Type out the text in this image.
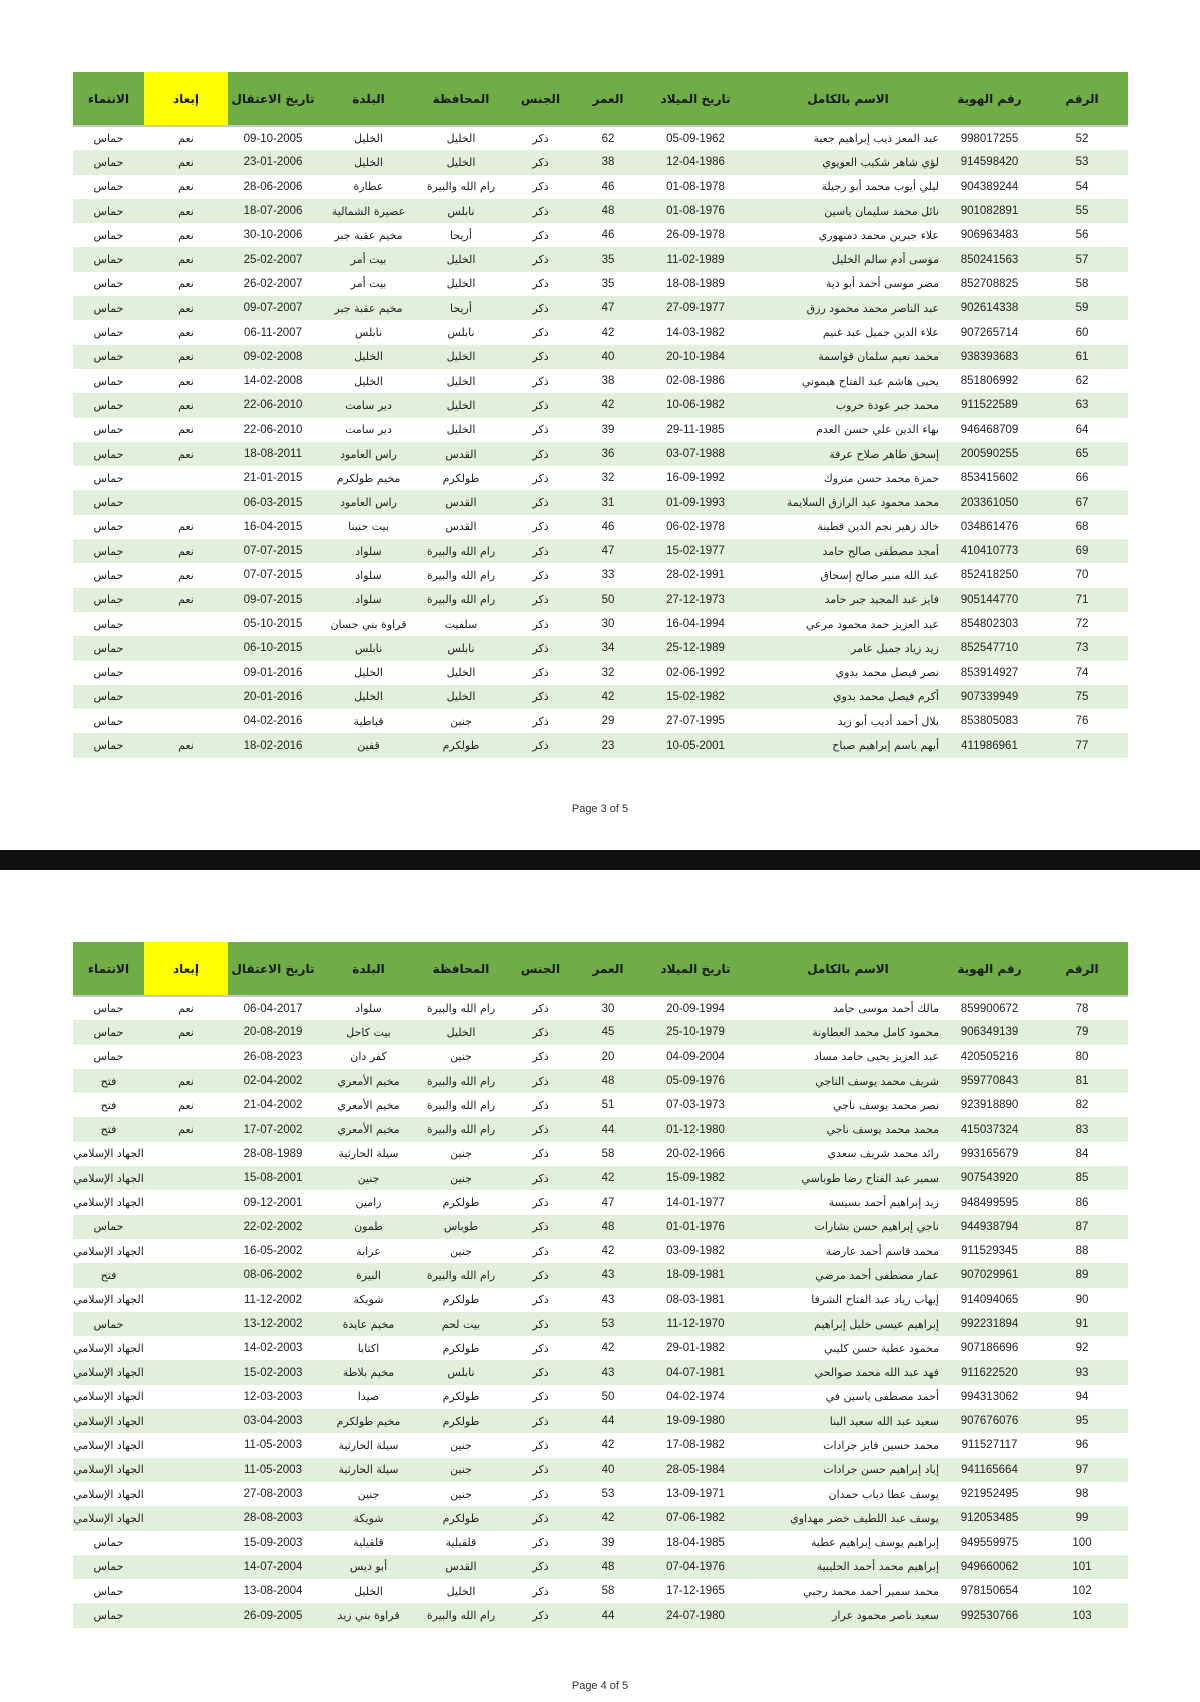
الرقم	رقم الهوية	الاسم بالكامل	تاريخ الميلاد	العمر	الجنس	المحافظة	البلدة	تاريخ الاعتقال	إبعاد	الانتماء
52	998017255	عبد المعز ذيب إبراهيم جعبة	05-09-1962	62	ذكر	الخليل	الخليل	09-10-2005	نعم	حماس
53	914598420	لؤي شاهر شكيب العويوي	12-04-1986	38	ذكر	الخليل	الخليل	23-01-2006	نعم	حماس
54	904389244	ليلي أيوب محمد أبو رجيلة	01-08-1978	46	ذكر	رام الله والبيرة	عطارة	28-06-2006	نعم	حماس
55	901082891	نائل محمد سليمان ياسين	01-08-1976	48	ذكر	نابلس	عصيرة الشمالية	18-07-2006	نعم	حماس
56	906963483	علاء جبرين محمد دمنهوري	26-09-1978	46	ذكر	أريحا	مخيم عقبة جبر	30-10-2006	نعم	حماس
57	850241563	موسى أدم سالم الخليل	11-02-1989	35	ذكر	الخليل	بيت أمر	25-02-2007	نعم	حماس
58	852708825	مضر موسى أحمد أبو دية	18-08-1989	35	ذكر	الخليل	بيت أمر	26-02-2007	نعم	حماس
59	902614338	عبد الناصر محمد محمود رزق	27-09-1977	47	ذكر	أريحا	مخيم عقبة جبر	09-07-2007	نعم	حماس
60	907265714	علاء الدين جميل عبد غنيم	14-03-1982	42	ذكر	نابلس	نابلس	06-11-2007	نعم	حماس
61	938393683	محمد نعيم سلمان قواسمة	20-10-1984	40	ذكر	الخليل	الخليل	09-02-2008	نعم	حماس
62	851806992	يحيى هاشم عبد الفتاح هيموني	02-08-1986	38	ذكر	الخليل	الخليل	14-02-2008	نعم	حماس
63	911522589	محمد جبر عودة حروب	10-06-1982	42	ذكر	الخليل	دير سامت	22-06-2010	نعم	حماس
64	946468709	بهاء الدين علي حسن العدم	29-11-1985	39	ذكر	الخليل	دير سامت	22-06-2010	نعم	حماس
65	200590255	إسحق طاهر صلاح عرفة	03-07-1988	36	ذكر	القدس	راس العامود	18-08-2011	نعم	حماس
66	853415602	حمزة محمد حسن متروك	16-09-1992	32	ذكر	طولكرم	مخيم طولكرم	21-01-2015		حماس
67	203361050	محمد محمود عبد الرازق السلايمة	01-09-1993	31	ذكر	القدس	راس العامود	06-03-2015		حماس
68	034861476	خالد زهير نجم الدين قطينة	06-02-1978	46	ذكر	القدس	بيت حنينا	16-04-2015	نعم	حماس
69	410410773	أمجد مصطفى صالح حامد	15-02-1977	47	ذكر	رام الله والبيرة	سلواد	07-07-2015	نعم	حماس
70	852418250	عبد الله منير صالح إسحاق	28-02-1991	33	ذكر	رام الله والبيرة	سلواد	07-07-2015	نعم	حماس
71	905144770	فايز عبد المجيد جبر حامد	27-12-1973	50	ذكر	رام الله والبيرة	سلواد	09-07-2015	نعم	حماس
72	854802303	عبد العزيز حمد محمود مرعي	16-04-1994	30	ذكر	سلفيت	قراوة بني حسان	05-10-2015		حماس
73	852547710	زيد زياد جميل عامر	25-12-1989	34	ذكر	نابلس	نابلس	06-10-2015		حماس
74	853914927	نصر فيصل محمد بدوي	02-06-1992	32	ذكر	الخليل	الخليل	09-01-2016		حماس
75	907339949	أكرم فيصل محمد بدوي	15-02-1982	42	ذكر	الخليل	الخليل	20-01-2016		حماس
76	853805083	بلال أحمد أديب أبو زيد	27-07-1995	29	ذكر	جنين	قباطية	04-02-2016		حماس
77	411986961	أيهم باسم إبراهيم صباح	10-05-2001	23	ذكر	طولكرم	قفين	18-02-2016	نعم	حماس
Page 3 of 5
الرقم	رقم الهوية	الاسم بالكامل	تاريخ الميلاد	العمر	الجنس	المحافظة	البلدة	تاريخ الاعتقال	إبعاد	الانتماء
78	859900672	مالك أحمد موسى حامد	20-09-1994	30	ذكر	رام الله والبيرة	سلواد	06-04-2017	نعم	حماس
79	906349139	محمود كامل محمد العطاونة	25-10-1979	45	ذكر	الخليل	بيت كاحل	20-08-2019	نعم	حماس
80	420505216	عبد العزيز يحيى حامد مساد	04-09-2004	20	ذكر	جنين	كفر دان	26-08-2023		حماس
81	959770843	شريف محمد يوسف الناجي	05-09-1976	48	ذكر	رام الله والبيرة	مخيم الأمعري	02-04-2002	نعم	فتح
82	923918890	نصر محمد يوسف ناجي	07-03-1973	51	ذكر	رام الله والبيرة	مخيم الأمعري	21-04-2002	نعم	فتح
83	415037324	محمد محمد يوسف ناجي	01-12-1980	44	ذكر	رام الله والبيرة	مخيم الأمعري	17-07-2002	نعم	فتح
84	993165679	رائد محمد شريف سعدي	20-02-1966	58	ذكر	جنين	سيلة الحارثية	28-08-1989		الجهاد الإسلامي
85	907543920	سمير عبد الفتاح رضا طوباسي	15-09-1982	42	ذكر	جنين	جنين	15-08-2001		الجهاد الإسلامي
86	948499595	زيد إبراهيم أحمد بسيسة	14-01-1977	47	ذكر	طولكرم	رامين	09-12-2001		الجهاد الإسلامي
87	944938794	ناجي إبراهيم حسن بشارات	01-01-1976	48	ذكر	طوباس	طمون	22-02-2002		حماس
88	911529345	محمد قاسم أحمد عارضة	03-09-1982	42	ذكر	جنين	عرابة	16-05-2002		الجهاد الإسلامي
89	907029961	عمار مصطفى أحمد مرضي	18-09-1981	43	ذكر	رام الله والبيرة	البيرة	08-06-2002		فتح
90	914094065	إيهاب زياد عبد الفتاح الشرفا	08-03-1981	43	ذكر	طولكرم	شويكة	11-12-2002		الجهاد الإسلامي
91	992231894	إبراهيم عيسى خليل إبراهيم	11-12-1970	53	ذكر	بيت لحم	مخيم عايدة	13-12-2002		حماس
92	907186696	محمود عطية حسن كليبي	29-01-1982	42	ذكر	طولكرم	اكتابا	14-02-2003		الجهاد الإسلامي
93	911622520	فهد عبد الله محمد صوالحي	04-07-1981	43	ذكر	نابلس	مخيم بلاطة	15-02-2003		الجهاد الإسلامي
94	994313062	أحمد مصطفى ياسين في	04-02-1974	50	ذكر	طولكرم	صيدا	12-03-2003		الجهاد الإسلامي
95	907676076	سعيد عبد الله سعيد البنا	19-09-1980	44	ذكر	طولكرم	مخيم طولكرم	03-04-2003		الجهاد الإسلامي
96	911527117	محمد حسين فايز جرادات	17-08-1982	42	ذكر	جنين	سيلة الحارثية	11-05-2003		الجهاد الإسلامي
97	941165664	إياد إبراهيم حسن جرادات	28-05-1984	40	ذكر	جنين	سيلة الحارثية	11-05-2003		الجهاد الإسلامي
98	921952495	يوسف عطا دياب حمدان	13-09-1971	53	ذكر	جنين	جنين	27-08-2003		الجهاد الإسلامي
99	912053485	يوسف عبد اللطيف خضر مهداوي	07-06-1982	42	ذكر	طولكرم	شويكة	28-08-2003		الجهاد الإسلامي
100	949559975	إبراهيم يوسف إبراهيم عطية	18-04-1985	39	ذكر	قلقيلية	قلقيلية	15-09-2003		حماس
101	949660062	إبراهيم محمد أحمد الحليبية	07-04-1976	48	ذكر	القدس	أبو ديس	14-07-2004		حماس
102	978150654	محمد سمير أحمد محمد رجبي	17-12-1965	58	ذكر	الخليل	الخليل	13-08-2004		حماس
103	992530766	سعيد ناصر محمود عرار	24-07-1980	44	ذكر	رام الله والبيرة	قراوة بني زيد	26-09-2005		حماس
Page 4 of 5
